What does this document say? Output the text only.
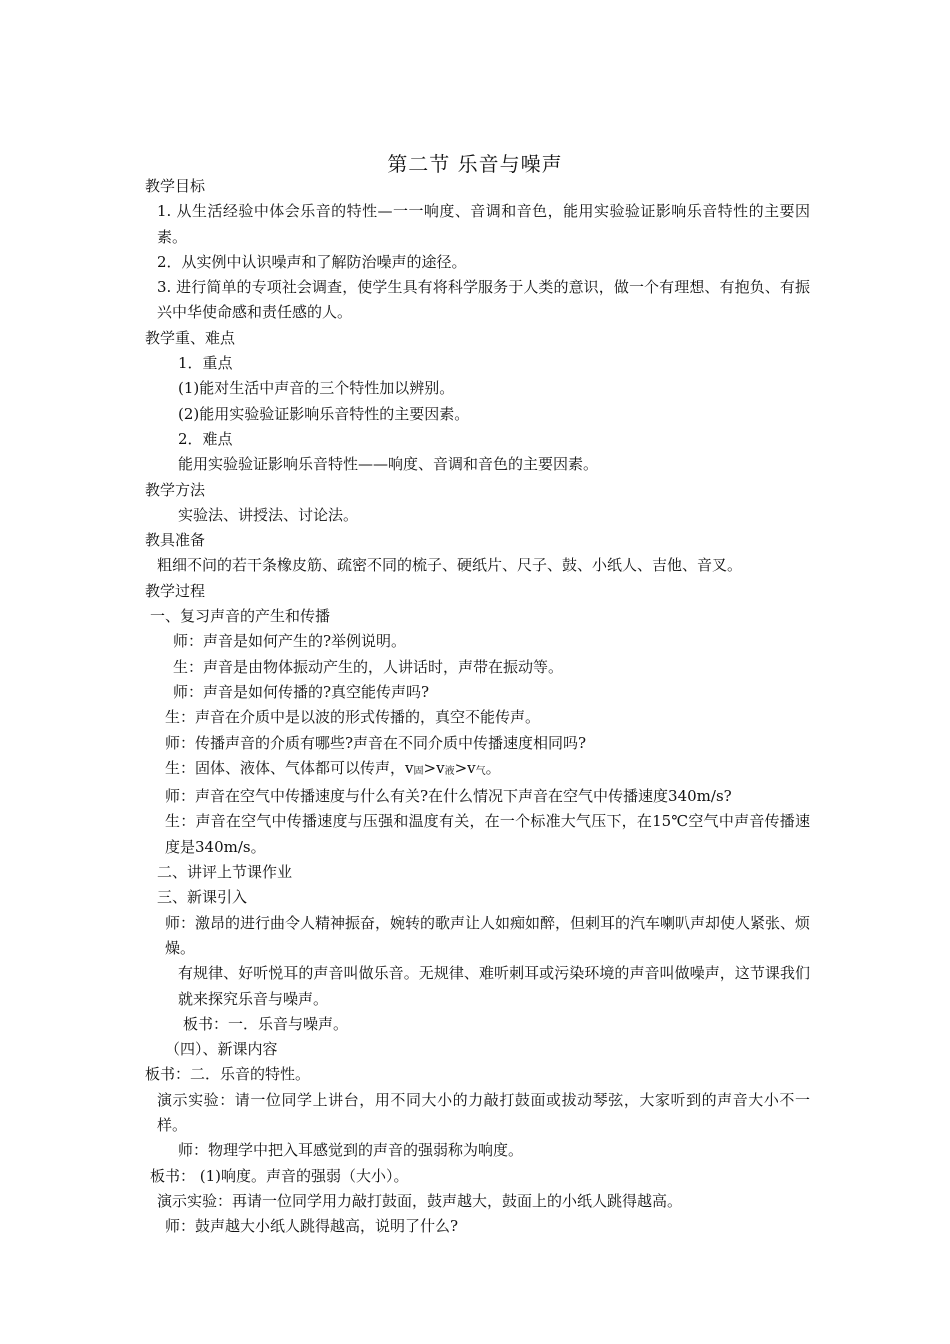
第二节 乐音与噪声

教学目标

1. 从生活经验中体会乐音的特性—一一响度、音调和音色，能用实验验证影响乐音特性的主要因素。

2．从实例中认识噪声和了解防治噪声的途径。

3. 进行简单的专项社会调查，使学生具有将科学服务于人类的意识，做一个有理想、有抱负、有振兴中华使命感和责任感的人。

教学重、难点

1．重点

(1)能对生活中声音的三个特性加以辨别。

(2)能用实验验证影响乐音特性的主要因素。

2．难点

能用实验验证影响乐音特性——响度、音调和音色的主要因素。

教学方法

实验法、讲授法、讨论法。

教具准备

粗细不问的若干条橡皮筋、疏密不同的梳子、硬纸片、尺子、鼓、小纸人、吉他、音叉。

教学过程

一、复习声音的产生和传播

师：声音是如何产生的?举例说明。

生：声音是由物体振动产生的，人讲话时，声带在振动等。

师：声音是如何传播的?真空能传声吗?

生：声音在介质中是以波的形式传播的，真空不能传声。

师：传播声音的介质有哪些?声音在不同介质中传播速度相同吗?

生：固体、液体、气体都可以传声，$v_固>v_液>v_气$。

师：声音在空气中传播速度与什么有关?在什么情况下声音在空气中传播速度340m/s?

生：声音在空气中传播速度与压强和温度有关，在一个标准大气压下，在15℃空气中声音传播速度是340m/s。

二、讲评上节课作业

三、新课引入

师：激昂的进行曲令人精神振奋，婉转的歌声让人如痴如醉，但刺耳的汽车喇叭声却使人紧张、烦燥。

有规律、好听悦耳的声音叫做乐音。无规律、难听刺耳或污染环境的声音叫做噪声，这节课我们就来探究乐音与噪声。

板书：一．乐音与噪声。

（四）、新课内容

板书：二．乐音的特性。

演示实验：请一位同学上讲台，用不同大小的力敲打鼓面或拔动琴弦，大家听到的声音大小不一样。

师：物理学中把入耳感觉到的声音的强弱称为响度。

板书： (1)响度。声音的强弱（大小）。

演示实验：再请一位同学用力敲打鼓面，鼓声越大，鼓面上的小纸人跳得越高。

师：鼓声越大小纸人跳得越高，说明了什么?
